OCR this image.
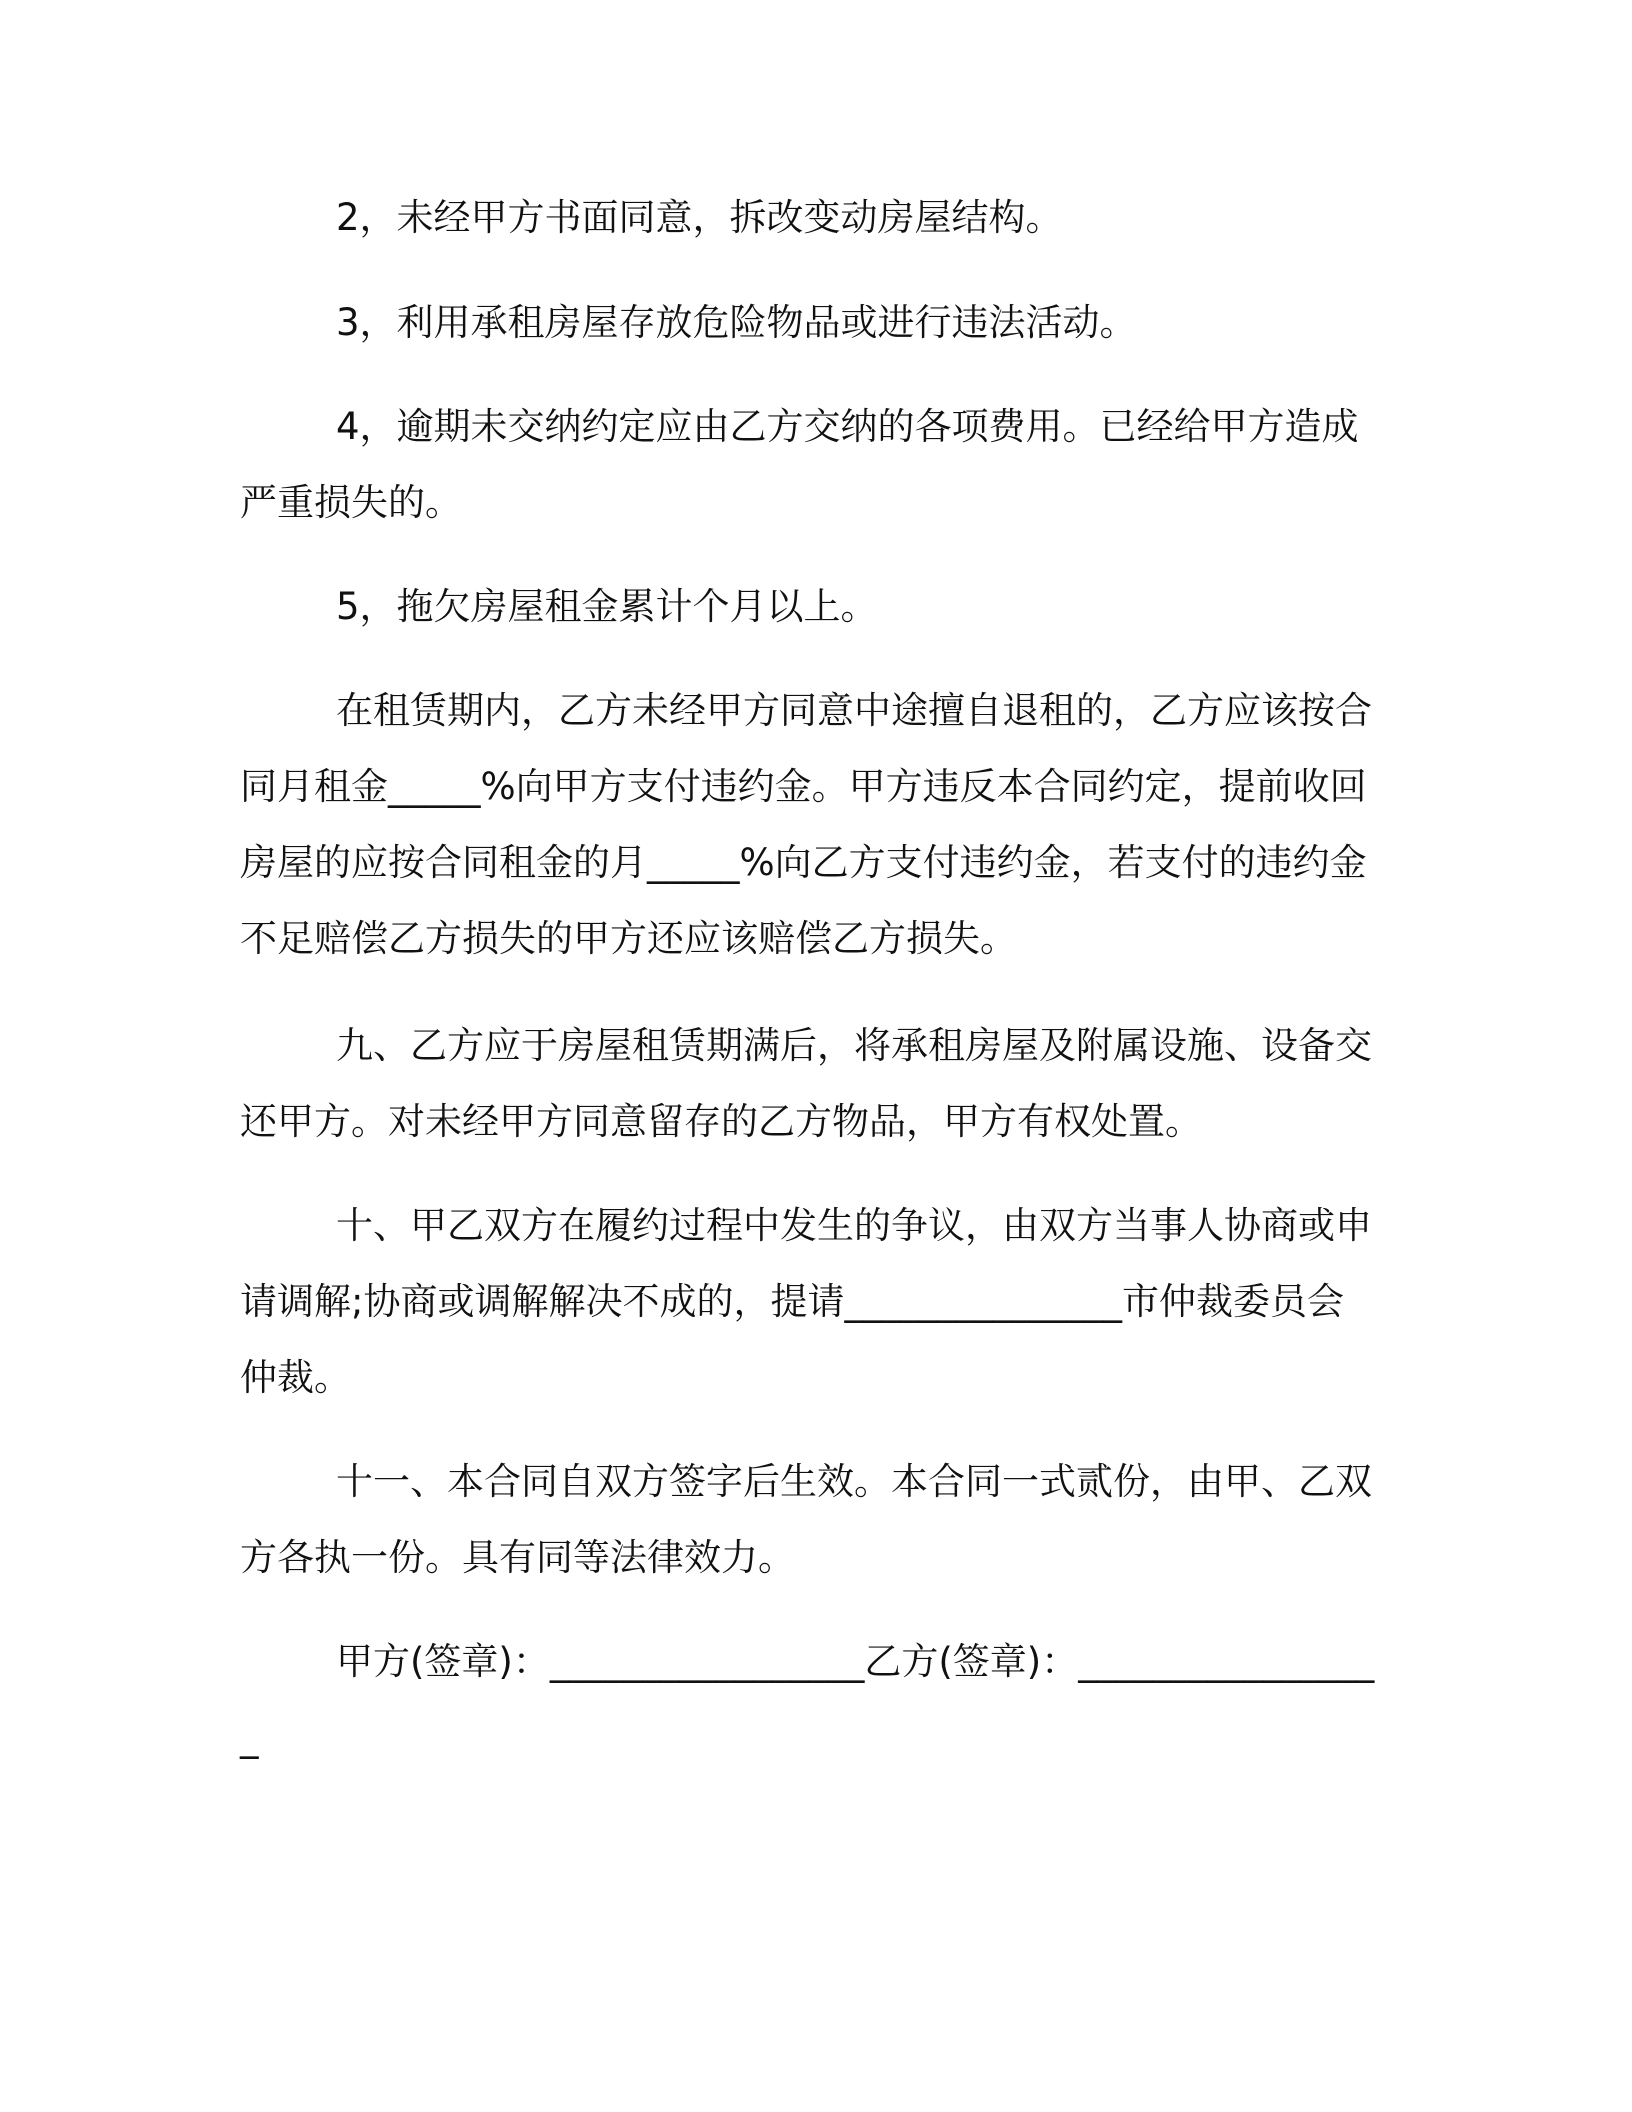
2，未经甲方书面同意，拆改变动房屋结构。

3，利用承租房屋存放危险物品或进行违法活动。

4，逾期未交纳约定应由乙方交纳的各项费用。已经给甲方造成严重损失的。

5，拖欠房屋租金累计个月以上。

在租赁期内，乙方未经甲方同意中途擅自退租的，乙方应该按合同月租金_____%向甲方支付违约金。甲方违反本合同约定，提前收回房屋的应按合同租金的月_____%向乙方支付违约金，若支付的违约金不足赔偿乙方损失的甲方还应该赔偿乙方损失。

九、乙方应于房屋租赁期满后，将承租房屋及附属设施、设备交还甲方。对未经甲方同意留存的乙方物品，甲方有权处置。

十、甲乙双方在履约过程中发生的争议，由双方当事人协商或申请调解;协商或调解解决不成的，提请_______________市仲裁委员会仲裁。

十一、本合同自双方签字后生效。本合同一式贰份，由甲、乙双方各执一份。具有同等法律效力。

甲方(签章)：_________________乙方(签章)：_________________
